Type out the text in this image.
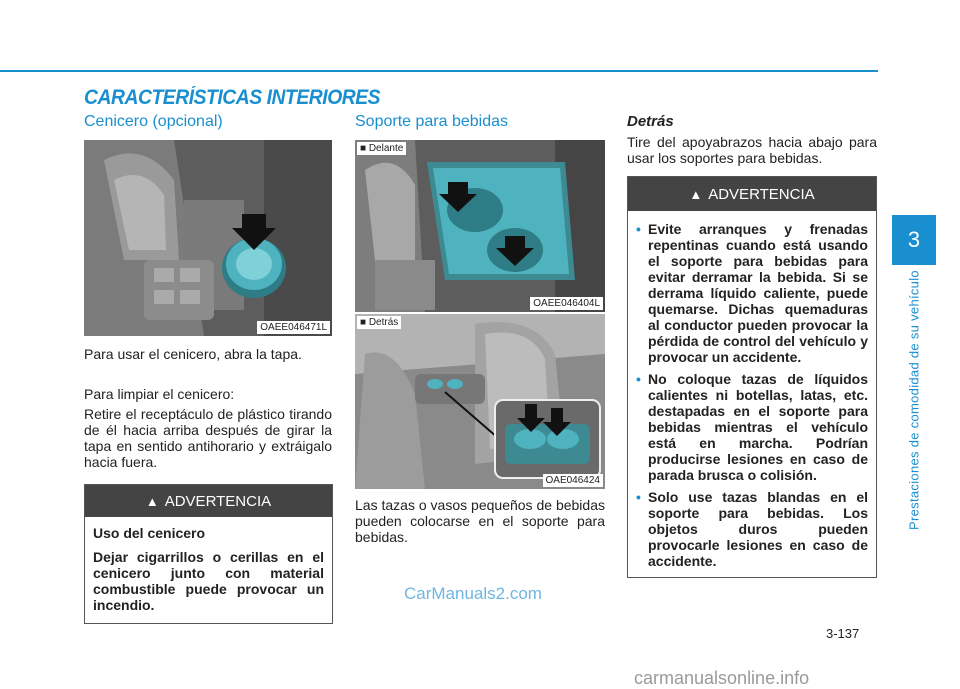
CARACTERÍSTICAS INTERIORES
Cenicero (opcional)
OAEE046471L
Para usar el cenicero, abra la tapa.
Para limpiar el cenicero:
Retire el receptáculo de plástico tirando de él hacia arriba después de girar la tapa en sentido antihorario y extráigalo hacia fuera.
▲ ADVERTENCIA

Uso del cenicero

Dejar cigarrillos o cerillas en el cenicero junto con material combustible puede provocar un incendio.

Soporte para bebidas
■ Delante
OAEE046404L
■ Detrás
OAE046424
Las tazas o vasos pequeños de bebidas pueden colocarse en el soporte para bebidas.
Detrás
Tire del apoyabrazos hacia abajo para usar los soportes para bebidas.
▲ ADVERTENCIA
• Evite arranques y frenadas repentinas cuando está usando el soporte para bebidas para evitar derramar la bebida. Si se derrama líquido caliente, puede quemarse. Dichas quemaduras al conductor pueden provocar la pérdida de control del vehículo y provocar un accidente.
• No coloque tazas de líquidos calientes ni botellas, latas, etc. destapadas en el soporte para bebidas mientras el vehículo está en marcha. Podrían producirse lesiones en caso de parada brusca o colisión.
• Solo use tazas blandas en el soporte para bebidas. Los objetos duros pueden provocarle lesiones en caso de accidente.
3
Prestaciones de comodidad de su vehículo
3-137
CarManuals2.com
carmanualsonline.info
